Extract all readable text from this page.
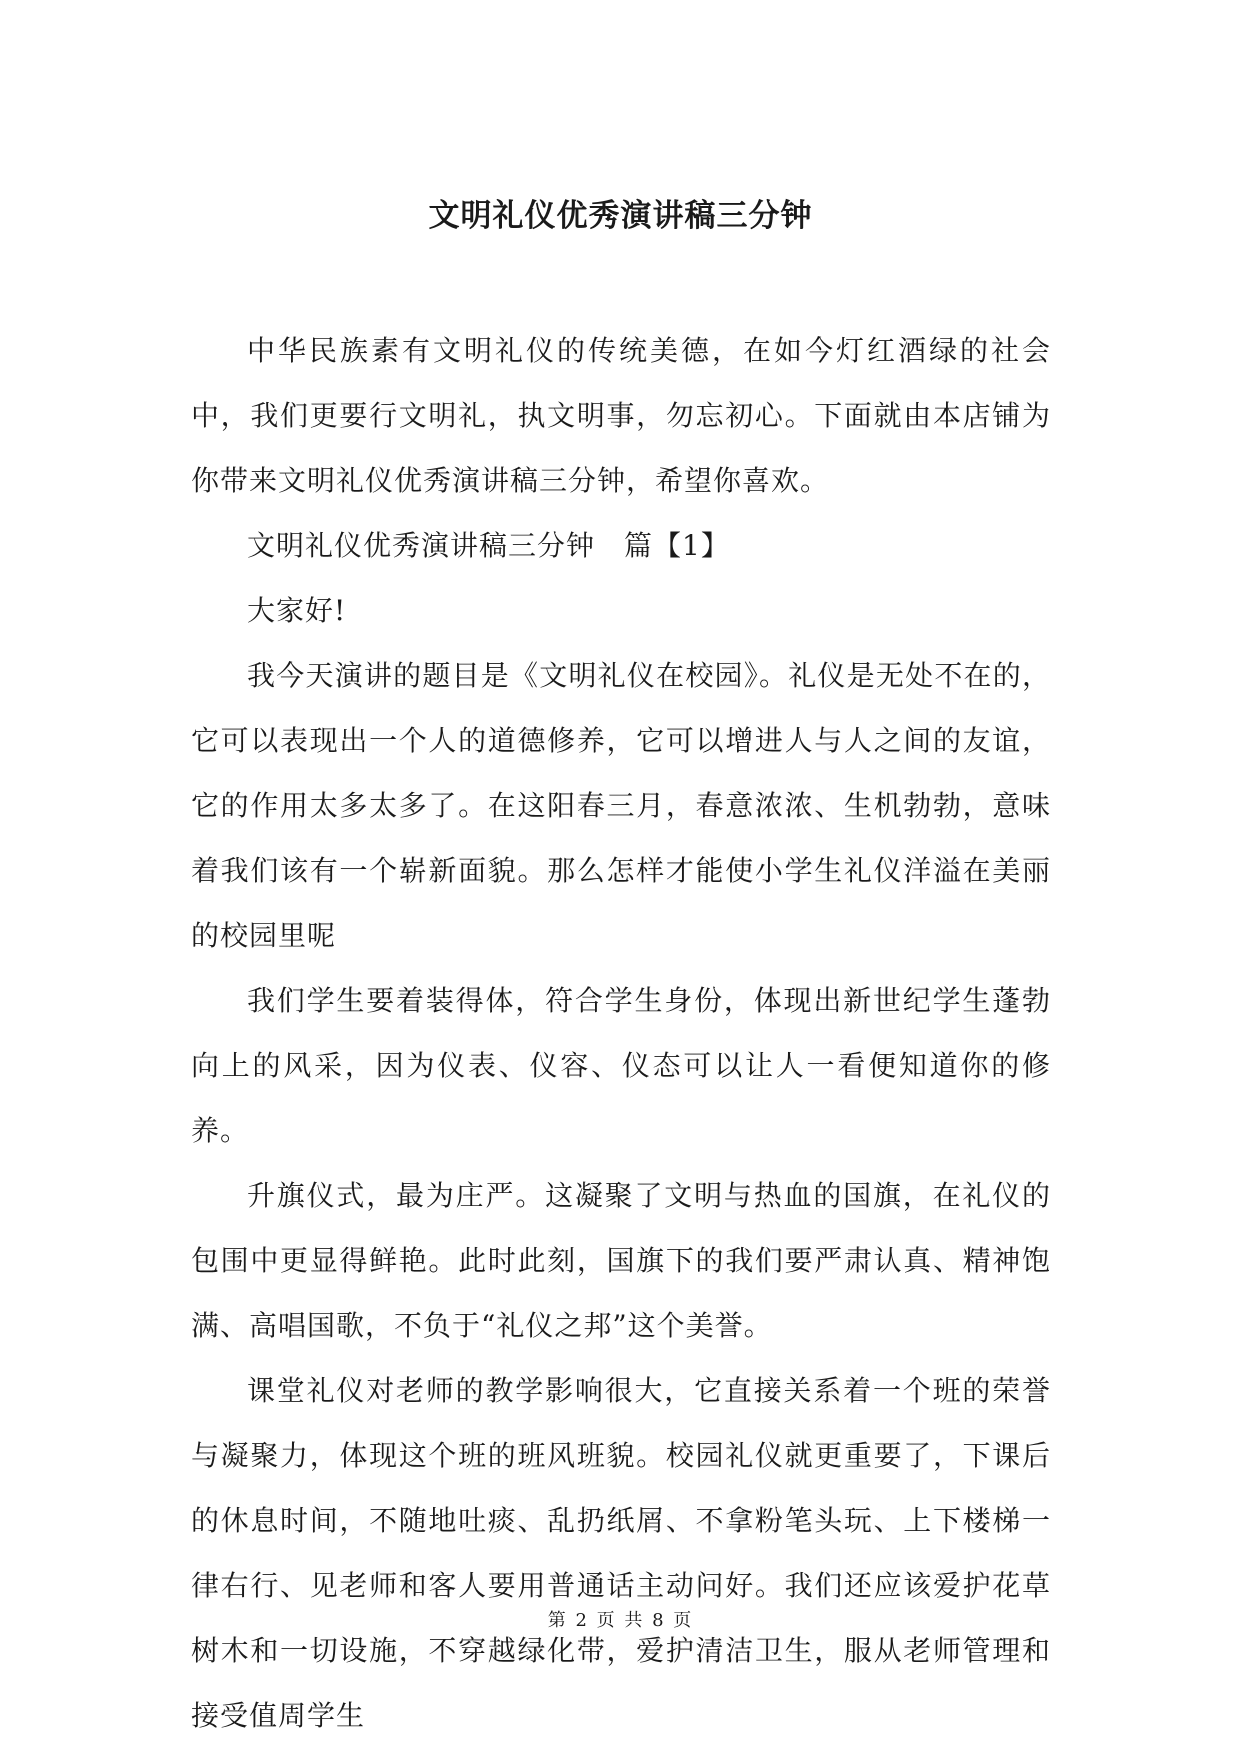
文明礼仪优秀演讲稿三分钟

中华民族素有文明礼仪的传统美德，在如今灯红酒绿的社会中，我们更要行文明礼，执文明事，勿忘初心。下面就由本店铺为你带来文明礼仪优秀演讲稿三分钟，希望你喜欢。

文明礼仪优秀演讲稿三分钟　篇【1】

大家好!

我今天演讲的题目是《文明礼仪在校园》。礼仪是无处不在的，它可以表现出一个人的道德修养，它可以增进人与人之间的友谊，它的作用太多太多了。在这阳春三月，春意浓浓、生机勃勃，意味着我们该有一个崭新面貌。那么怎样才能使小学生礼仪洋溢在美丽的校园里呢

我们学生要着装得体，符合学生身份，体现出新世纪学生蓬勃向上的风采，因为仪表、仪容、仪态可以让人一看便知道你的修养。

升旗仪式，最为庄严。这凝聚了文明与热血的国旗，在礼仪的包围中更显得鲜艳。此时此刻，国旗下的我们要严肃认真、精神饱满、高唱国歌，不负于“礼仪之邦”这个美誉。

课堂礼仪对老师的教学影响很大，它直接关系着一个班的荣誉与凝聚力，体现这个班的班风班貌。校园礼仪就更重要了，下课后的休息时间，不随地吐痰、乱扔纸屑、不拿粉笔头玩、上下楼梯一律右行、见老师和客人要用普通话主动问好。我们还应该爱护花草树木和一切设施，不穿越绿化带，爱护清洁卫生，服从老师管理和接受值周学生

第 2 页 共 8 页
